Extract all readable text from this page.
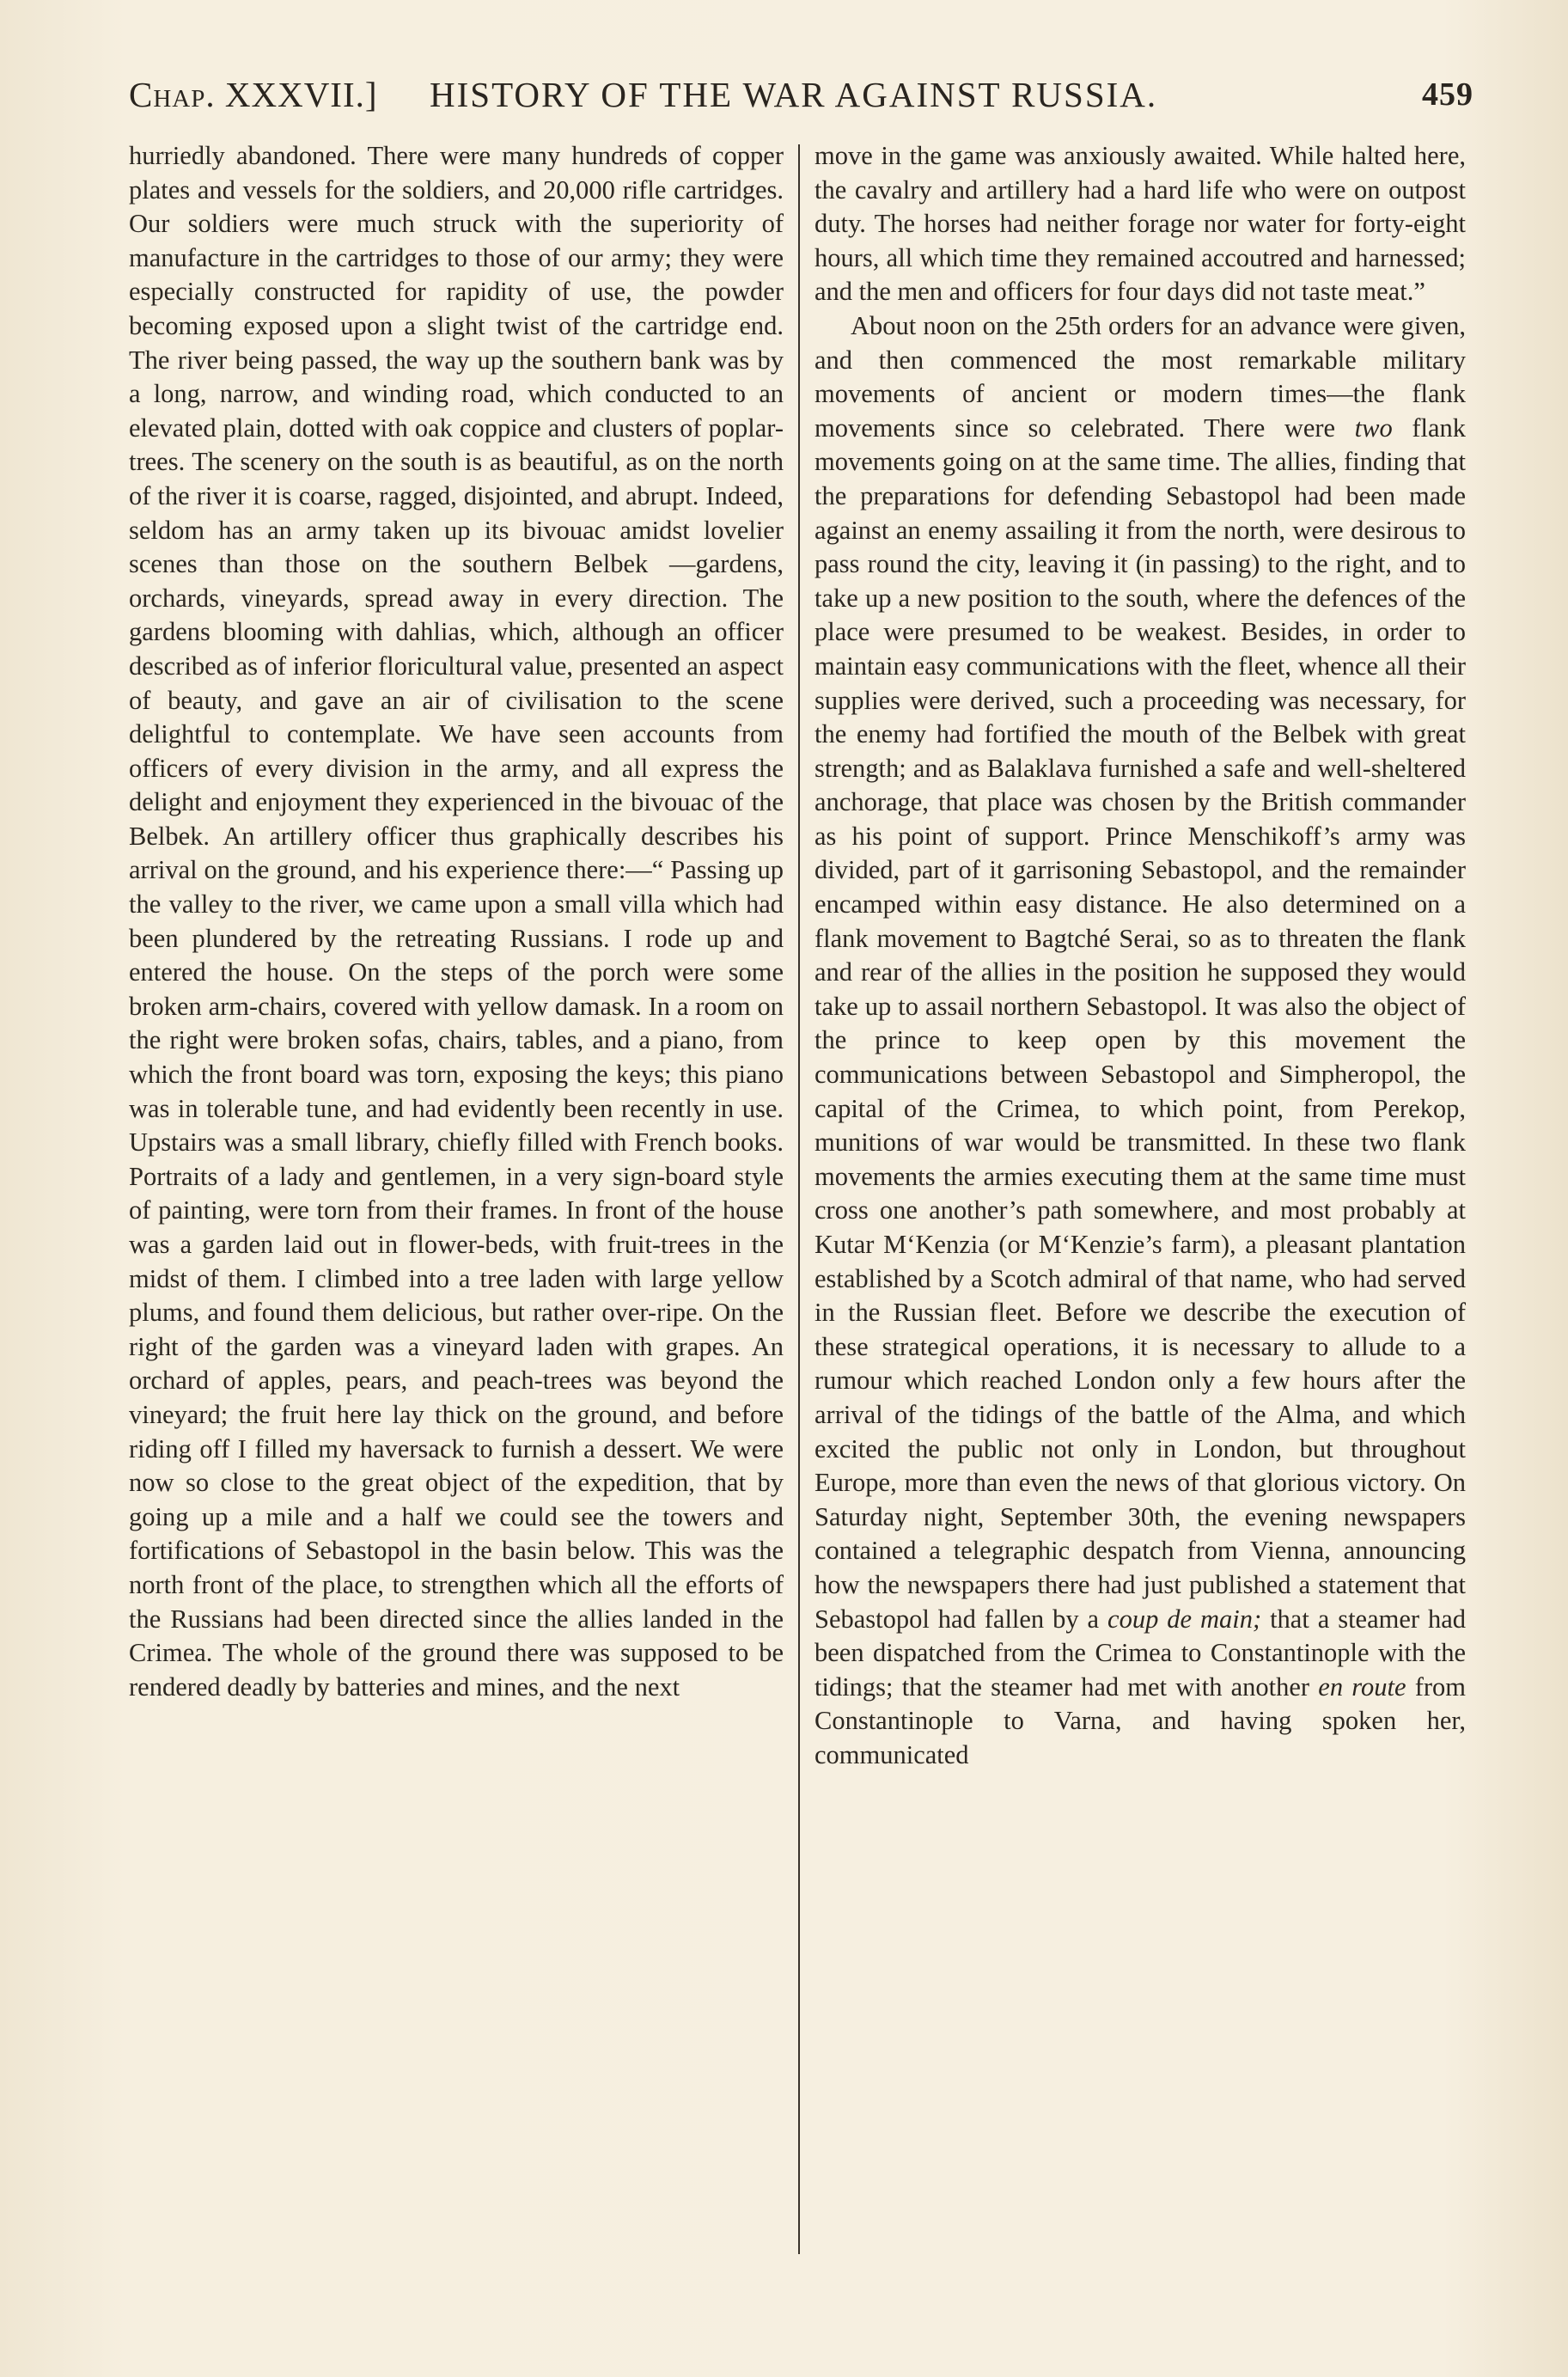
Chap. XXXVII.] HISTORY OF THE WAR AGAINST RUSSIA.	459

hurriedly abandoned. There were many hundreds of copper plates and vessels for the soldiers, and 20,000 rifle cartridges. Our soldiers were much struck with the superiority of manufacture in the cartridges to those of our army; they were especially constructed for rapidity of use, the powder becoming exposed upon a slight twist of the cartridge end. The river being passed, the way up the southern bank was by a long, narrow, and winding road, which conducted to an elevated plain, dotted with oak coppice and clusters of poplar-trees. The scenery on the south is as beautiful, as on the north of the river it is coarse, ragged, disjointed, and abrupt. Indeed, seldom has an army taken up its bivouac amidst lovelier scenes than those on the southern Belbek —gardens, orchards, vineyards, spread away in every direction. The gardens blooming with dahlias, which, although an officer described as of inferior floricultural value, presented an aspect of beauty, and gave an air of civilisation to the scene delightful to contemplate. We have seen accounts from officers of every division in the army, and all express the delight and enjoyment they experienced in the bivouac of the Belbek. An artillery officer thus graphically describes his arrival on the ground, and his experience there:—“ Passing up the valley to the river, we came upon a small villa which had been plundered by the retreating Russians. I rode up and entered the house. On the steps of the porch were some broken arm-chairs, covered with yellow damask. In a room on the right were broken sofas, chairs, tables, and a piano, from which the front board was torn, exposing the keys; this piano was in tolerable tune, and had evidently been recently in use. Upstairs was a small library, chiefly filled with French books. Portraits of a lady and gentlemen, in a very sign-board style of painting, were torn from their frames. In front of the house was a garden laid out in flower-beds, with fruit-trees in the midst of them. I climbed into a tree laden with large yellow plums, and found them delicious, but rather over-ripe. On the right of the garden was a vineyard laden with grapes. An orchard of apples, pears, and peach-trees was beyond the vineyard; the fruit here lay thick on the ground, and before riding off I filled my haversack to furnish a dessert. We were now so close to the great object of the expedition, that by going up a mile and a half we could see the towers and fortifications of Sebastopol in the basin below. This was the north front of the place, to strengthen which all the efforts of the Russians had been directed since the allies landed in the Crimea. The whole of the ground there was supposed to be rendered deadly by batteries and mines, and the next

move in the game was anxiously awaited. While halted here, the cavalry and artillery had a hard life who were on outpost duty. The horses had neither forage nor water for forty-eight hours, all which time they remained accoutred and harnessed; and the men and officers for four days did not taste meat.”

About noon on the 25th orders for an advance were given, and then commenced the most remarkable military movements of ancient or modern times—the flank movements since so celebrated. There were two flank movements going on at the same time. The allies, finding that the preparations for defending Sebastopol had been made against an enemy assailing it from the north, were desirous to pass round the city, leaving it (in passing) to the right, and to take up a new position to the south, where the defences of the place were presumed to be weakest. Besides, in order to maintain easy communications with the fleet, whence all their supplies were derived, such a proceeding was necessary, for the enemy had fortified the mouth of the Belbek with great strength; and as Balaklava furnished a safe and well-sheltered anchorage, that place was chosen by the British commander as his point of support. Prince Menschikoff’s army was divided, part of it garrisoning Sebastopol, and the remainder encamped within easy distance. He also determined on a flank movement to Bagtché Serai, so as to threaten the flank and rear of the allies in the position he supposed they would take up to assail northern Sebastopol. It was also the object of the prince to keep open by this movement the communications between Sebastopol and Simpheropol, the capital of the Crimea, to which point, from Perekop, munitions of war would be transmitted. In these two flank movements the armies executing them at the same time must cross one another’s path somewhere, and most probably at Kutar M‘Kenzia (or M‘Kenzie’s farm), a pleasant plantation established by a Scotch admiral of that name, who had served in the Russian fleet. Before we describe the execution of these strategical operations, it is necessary to allude to a rumour which reached London only a few hours after the arrival of the tidings of the battle of the Alma, and which excited the public not only in London, but throughout Europe, more than even the news of that glorious victory. On Saturday night, September 30th, the evening newspapers contained a telegraphic despatch from Vienna, announcing how the newspapers there had just published a statement that Sebastopol had fallen by a coup de main; that a steamer had been dispatched from the Crimea to Constantinople with the tidings; that the steamer had met with another en route from Constantinople to Varna, and having spoken her, communicated
